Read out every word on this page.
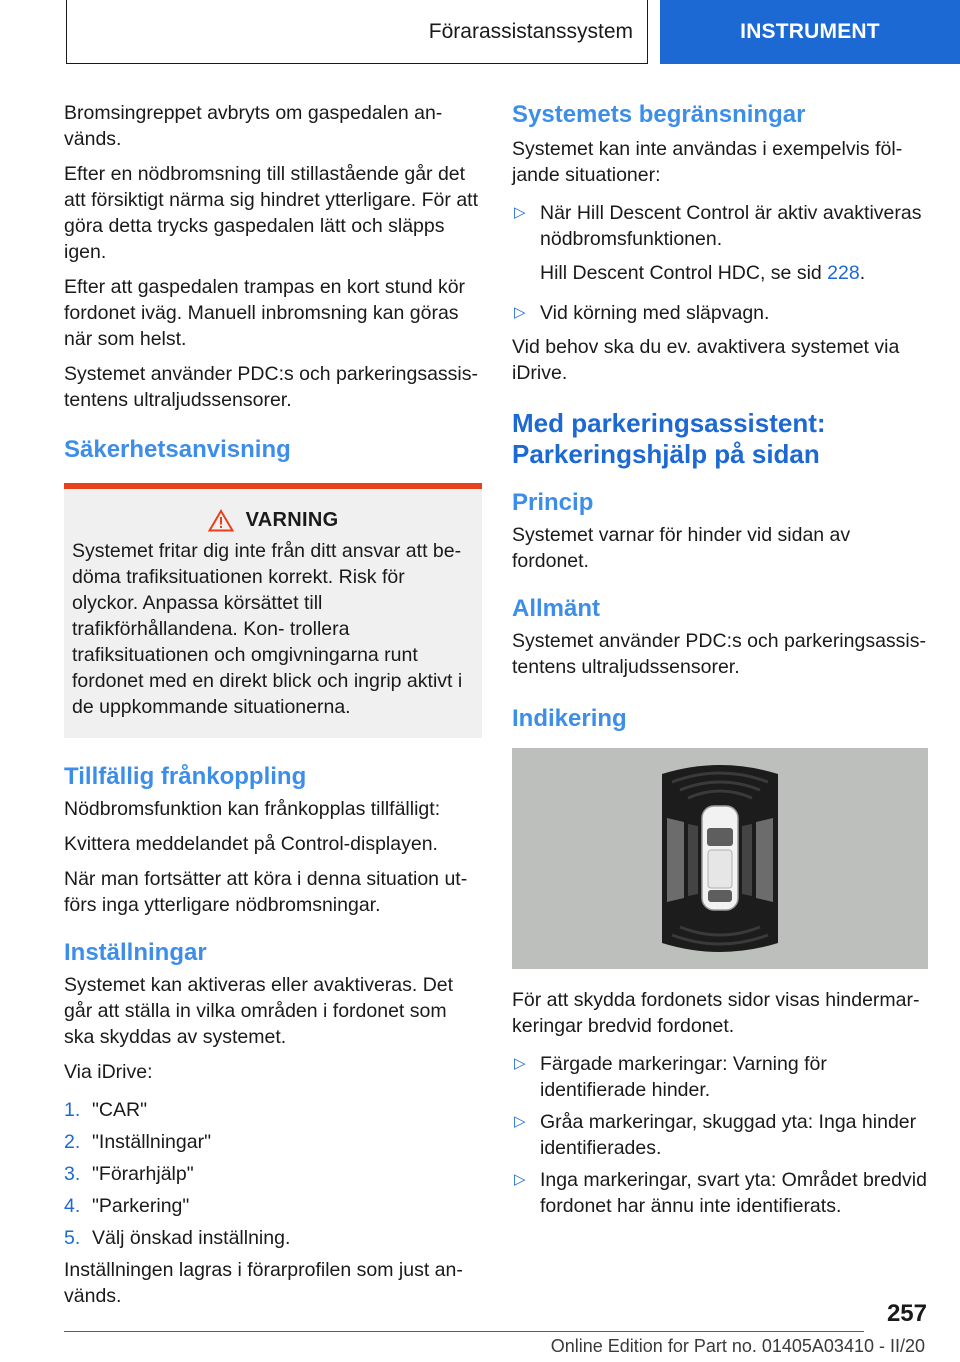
Förarassistanssystem	INSTRUMENT

Bromsingreppet avbryts om gaspedalen an‐ vänds.

Efter en nödbromsning till stillastående går det att försiktigt närma sig hindret ytterligare. För att göra detta trycks gaspedalen lätt och släpps igen.

Efter att gaspedalen trampas en kort stund kör fordonet iväg. Manuell inbromsning kan göras när som helst.

Systemet använder PDC:s och parkeringsassis‐ tentens ultraljudssensorer.

Säkerhetsanvisning
VARNING

Systemet fritar dig inte från ditt ansvar att be‐ döma trafiksituationen korrekt. Risk för olyckor. Anpassa körsättet till trafikförhållandena. Kon‐ trollera trafiksituationen och omgivningarna runt fordonet med en direkt blick och ingrip aktivt i de uppkommande situationerna.

Tillfällig frånkoppling

Nödbromsfunktion kan frånkopplas tillfälligt:

Kvittera meddelandet på Control-displayen.

När man fortsätter att köra i denna situation ut‐ förs inga ytterligare nödbromsningar.

Inställningar

Systemet kan aktiveras eller avaktiveras. Det går att ställa in vilka områden i fordonet som ska skyddas av systemet.

Via iDrive:

1. "CAR"
2. "Inställningar"
3. "Förarhjälp"
4. "Parkering"
5. Välj önskad inställning.

Inställningen lagras i förarprofilen som just an‐ vänds.

Systemets begränsningar

Systemet kan inte användas i exempelvis föl‐ jande situationer:

▷ När Hill Descent Control är aktiv avaktiveras nödbromsfunktionen.

Hill Descent Control HDC, se sid 228.

▷ Vid körning med släpvagn.

Vid behov ska du ev. avaktivera systemet via iDrive.

Med parkeringsassistent: Parkeringshjälp på sidan
Princip

Systemet varnar för hinder vid sidan av fordonet.

Allmänt

Systemet använder PDC:s och parkeringsassis‐ tentens ultraljudssensorer.

Indikering

För att skydda fordonets sidor visas hindermar‐ keringar bredvid fordonet.

▷ Färgade markeringar: Varning för identifierade hinder.
▷ Gråa markeringar, skuggad yta: Inga hinder identifierades.
▷ Inga markeringar, svart yta: Området bredvid fordonet har ännu inte identifierats.
257
Online Edition for Part no. 01405A03410 - II/20
